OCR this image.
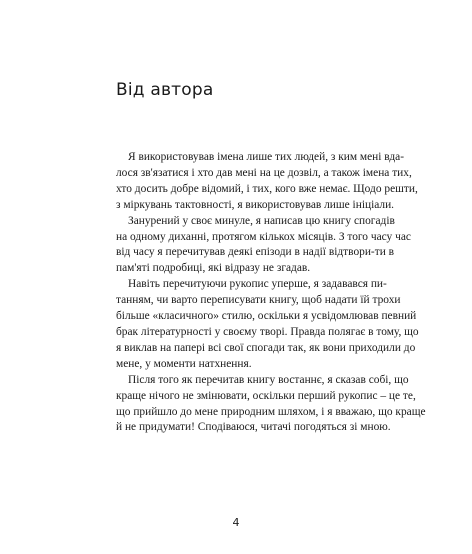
Від автора
Я використовував імена лише тих людей, з ким мені вда-
лося зв'язатися і хто дав мені на це дозвіл, а також імена тих,
хто досить добре відомий, і тих, кого вже немає. Щодо решти,
з міркувань тактовності, я використовував лише ініціали.
Занурений у своє минуле, я написав цю книгу спогадів
на одному диханні, протягом кількох місяців. З того часу час
від часу я перечитував деякі епізоди в надії відтвори-ти в
пам'яті подробиці, які відразу не згадав.
Навіть перечитуючи рукопис уперше, я задавався пи-
танням, чи варто переписувати книгу, щоб надати їй трохи
більше «класичного» стилю, оскільки я усвідомлював певний
брак літературності у своєму творі. Правда полягає в тому, що
я виклав на папері всі свої спогади так, як вони приходили до
мене, у моменти натхнення.
Після того як перечитав книгу востаннє, я сказав собі, що
краще нічого не змінювати, оскільки перший рукопис – це те,
що прийшло до мене природним шляхом, і я вважаю, що краще
й не придумати! Сподіваюся, читачі погодяться зі мною.
4
